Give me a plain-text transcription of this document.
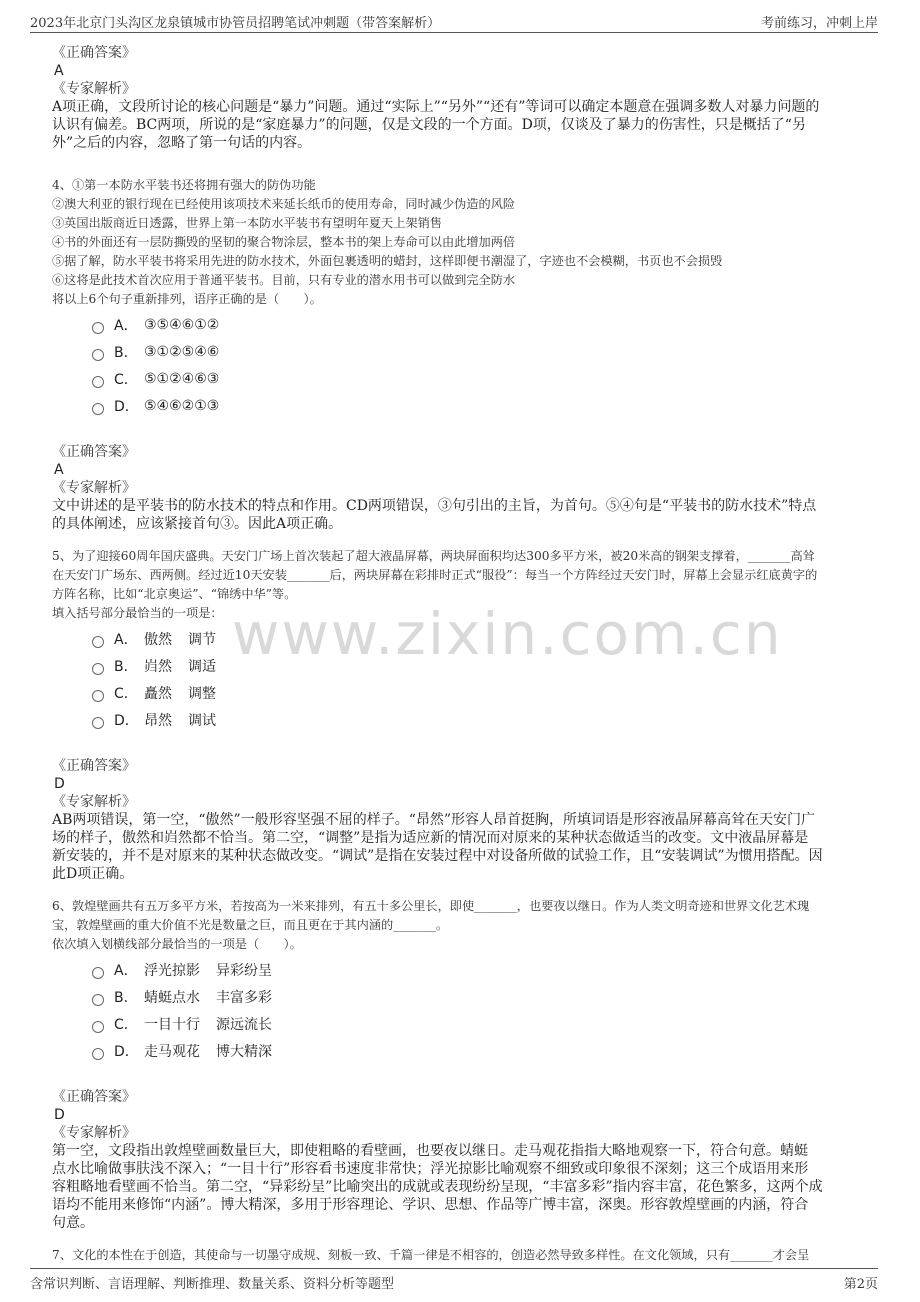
2023年北京门头沟区龙泉镇城市协管员招聘笔试冲刺题（带答案解析）	考前练习，冲刺上岸
www.zixin.com.cn
《正确答案》
A
《专家解析》
A项正确，文段所讨论的核心问题是“暴力”问题。通过“实际上”“另外”“还有”等词可以确定本题意在强调多数人对暴力问题的
认识有偏差。BC两项，所说的是“家庭暴力”的问题，仅是文段的一个方面。D项，仅谈及了暴力的伤害性，只是概括了“另
外”之后的内容，忽略了第一句话的内容。
4、①第一本防水平装书还将拥有强大的防伪功能
②澳大利亚的银行现在已经使用该项技术来延长纸币的使用寿命，同时减少伪造的风险
③英国出版商近日透露，世界上第一本防水平装书有望明年夏天上架销售
④书的外面还有一层防撕毁的坚韧的聚合物涂层，整本书的架上寿命可以由此增加两倍
⑤据了解，防水平装书将采用先进的防水技术，外面包裹透明的蜡封，这样即便书潮湿了，字迹也不会模糊，书页也不会损毁
⑥这将是此技术首次应用于普通平装书。目前，只有专业的潜水用书可以做到完全防水
将以上6个句子重新排列，语序正确的是（　　）。
A． ③⑤④⑥①②
B． ③①②⑤④⑥
C． ⑤①②④⑥③
D． ⑤④⑥②①③
《正确答案》
A
《专家解析》
文中讲述的是平装书的防水技术的特点和作用。CD两项错误，③句引出的主旨，为首句。⑤④句是“平装书的防水技术”特点
的具体阐述，应该紧接首句③。因此A项正确。
5、为了迎接60周年国庆盛典。天安门广场上首次装起了超大液晶屏幕，两块屏面积均达300多平方米，被20米高的钢架支撑着，_______高耸
在天安门广场东、西两侧。经过近10天安装_______后，两块屏幕在彩排时正式“服役”：每当一个方阵经过天安门时，屏幕上会显示红底黄字的
方阵名称，比如“北京奥运”、“锦绣中华”等。
填入括号部分最恰当的一项是：
A． 傲然	调节
B． 岿然	调适
C． 矗然	调整
D． 昂然	调试
《正确答案》
D
《专家解析》
AB两项错误，第一空，“傲然”一般形容坚强不屈的样子。“昂然”形容人昂首挺胸，所填词语是形容液晶屏幕高耸在天安门广
场的样子，傲然和岿然都不恰当。第二空，“调整”是指为适应新的情况而对原来的某种状态做适当的改变。文中液晶屏幕是
新安装的，并不是对原来的某种状态做改变。“调试”是指在安装过程中对设备所做的试验工作，且“安装调试”为惯用搭配。因
此D项正确。
6、敦煌壁画共有五万多平方米，若按高为一米来排列，有五十多公里长，即使_______，也要夜以继日。作为人类文明奇迹和世界文化艺术瑰
宝，敦煌壁画的重大价值不光是数量之巨，而且更在于其内涵的_______。
依次填入划横线部分最恰当的一项是（　　）。
A． 浮光掠影	异彩纷呈
B． 蜻蜓点水	丰富多彩
C． 一目十行	源远流长
D． 走马观花	博大精深
《正确答案》
D
《专家解析》
第一空，文段指出敦煌壁画数量巨大，即使粗略的看壁画，也要夜以继日。走马观花指指大略地观察一下，符合句意。蜻蜓
点水比喻做事肤浅不深入；“一目十行”形容看书速度非常快；浮光掠影比喻观察不细致或印象很不深刻；这三个成语用来形
容粗略地看壁画不恰当。第二空，“异彩纷呈”比喻突出的成就或表现纷纷呈现，“丰富多彩”指内容丰富，花色繁多，这两个成
语均不能用来修饰“内涵”。博大精深，多用于形容理论、学识、思想、作品等广博丰富，深奥。形容敦煌壁画的内涵，符合
句意。
7、文化的本性在于创造，其使命与一切墨守成规、刻板一致、千篇一律是不相容的，创造必然导致多样性。在文化领域，只有_______才会呈
含常识判断、言语理解、判断推理、数量关系、资料分析等题型	第2页
